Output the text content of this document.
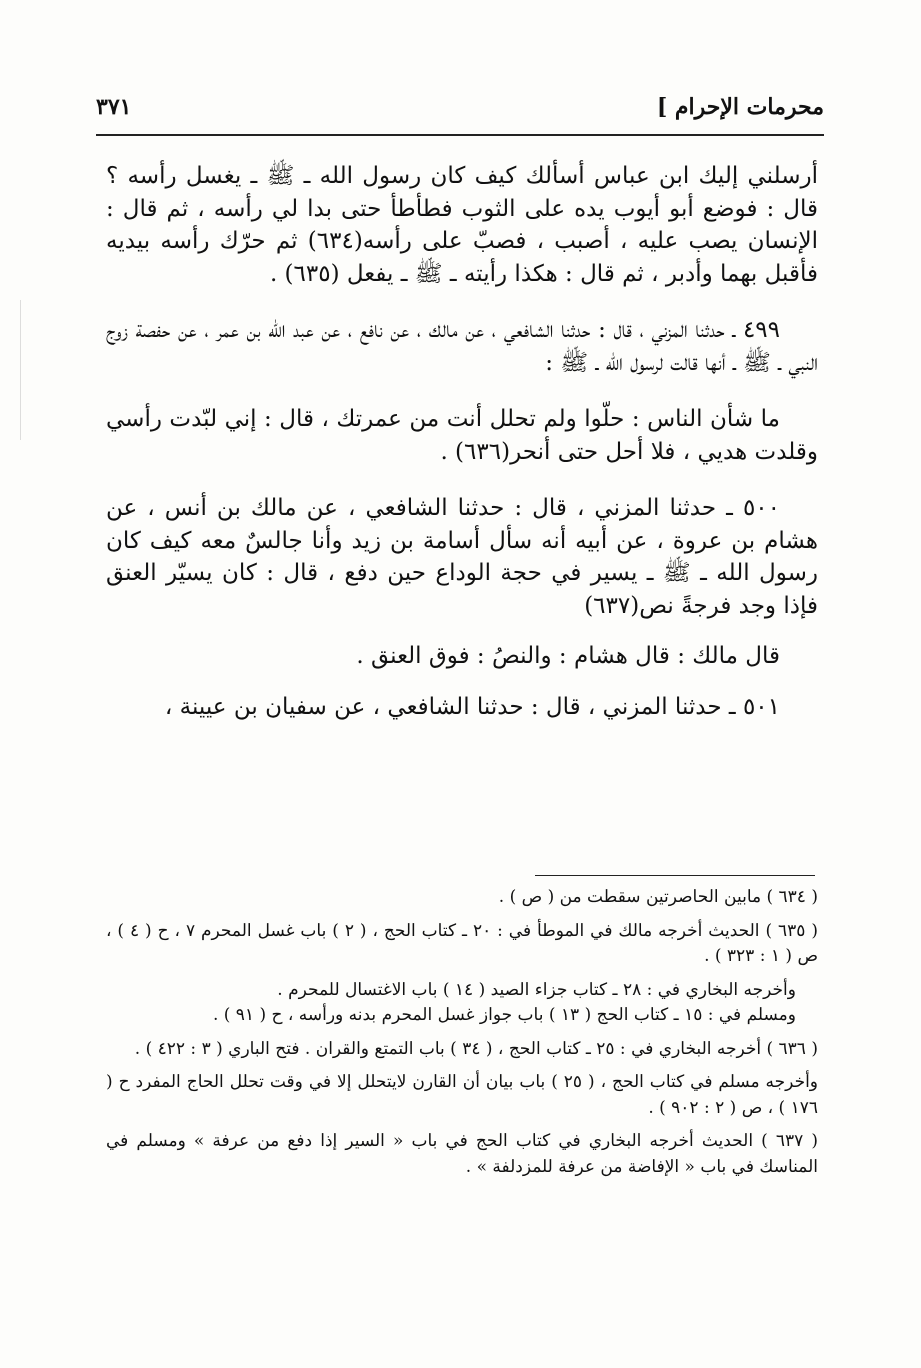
محرمات الإحرام ]
٣٧١

أرسلني إليك ابن عباس أسألك كيف كان رسول الله ـ ﷺ ـ يغسل رأسه ؟ قال : فوضع أبو أيوب يده على الثوب فطأطأ حتى بدا لي رأسه ، ثم قال : الإنسان يصب عليه ، أصبب ، فصبّ على رأسه(٦٣٤) ثم حرّك رأسه بيديه فأقبل بهما وأدبر ، ثم قال : هكذا رأيته ـ ﷺ ـ يفعل (٦٣٥) .

٤٩٩ ـ حدثنا المزني ، قال : حدثنا الشافعي ، عن مالك ، عن نافع ، عن عبد الله بن عمر ، عن حفصة زوج النبي ـ ﷺ ـ أنها قالت لرسول الله ـ ﷺ :

ما شأن الناس : حلّوا ولم تحلل أنت من عمرتك ، قال : إني لبّدت رأسي وقلدت هديي ، فلا أحل حتى أنحر(٦٣٦) .

٥٠٠ ـ حدثنا المزني ، قال : حدثنا الشافعي ، عن مالك بن أنس ، عن هشام بن عروة ، عن أبيه أنه سأل أسامة بن زيد وأنا جالسٌ معه كيف كان رسول الله ـ ﷺ ـ يسير في حجة الوداع حين دفع ، قال : كان يسيّر العنق فإذا وجد فرجةً نص(٦٣٧)

قال مالك : قال هشام : والنصُ : فوق العنق .

٥٠١ ـ حدثنا المزني ، قال : حدثنا الشافعي ، عن سفيان بن عيينة ،

( ٦٣٤ ) مابين الحاصرتين سقطت من ( ص ) .

( ٦٣٥ ) الحديث أخرجه مالك في الموطأ في : ٢٠ ـ كتاب الحج ، ( ٢ ) باب غسل المحرم ٧ ، ح ( ٤ ) ، ص ( ١ : ٣٢٣ ) .

وأخرجه البخاري في : ٢٨ ـ كتاب جزاء الصيد ( ١٤ ) باب الاغتسال للمحرم .

ومسلم في : ١٥ ـ كتاب الحج ( ١٣ ) باب جواز غسل المحرم بدنه ورأسه ، ح ( ٩١ ) .

( ٦٣٦ ) أخرجه البخاري في : ٢٥ ـ كتاب الحج ، ( ٣٤ ) باب التمتع والقران . فتح الباري ( ٣ : ٤٢٢ ) .

وأخرجه مسلم في كتاب الحج ، ( ٢٥ ) باب بيان أن القارن لايتحلل إلا في وقت تحلل الحاج المفرد ح ( ١٧٦ ) ، ص ( ٢ : ٩٠٢ ) .

( ٦٣٧ ) الحديث أخرجه البخاري في كتاب الحج في باب « السير إذا دفع من عرفة » ومسلم في المناسك في باب « الإفاضة من عرفة للمزدلفة » .
